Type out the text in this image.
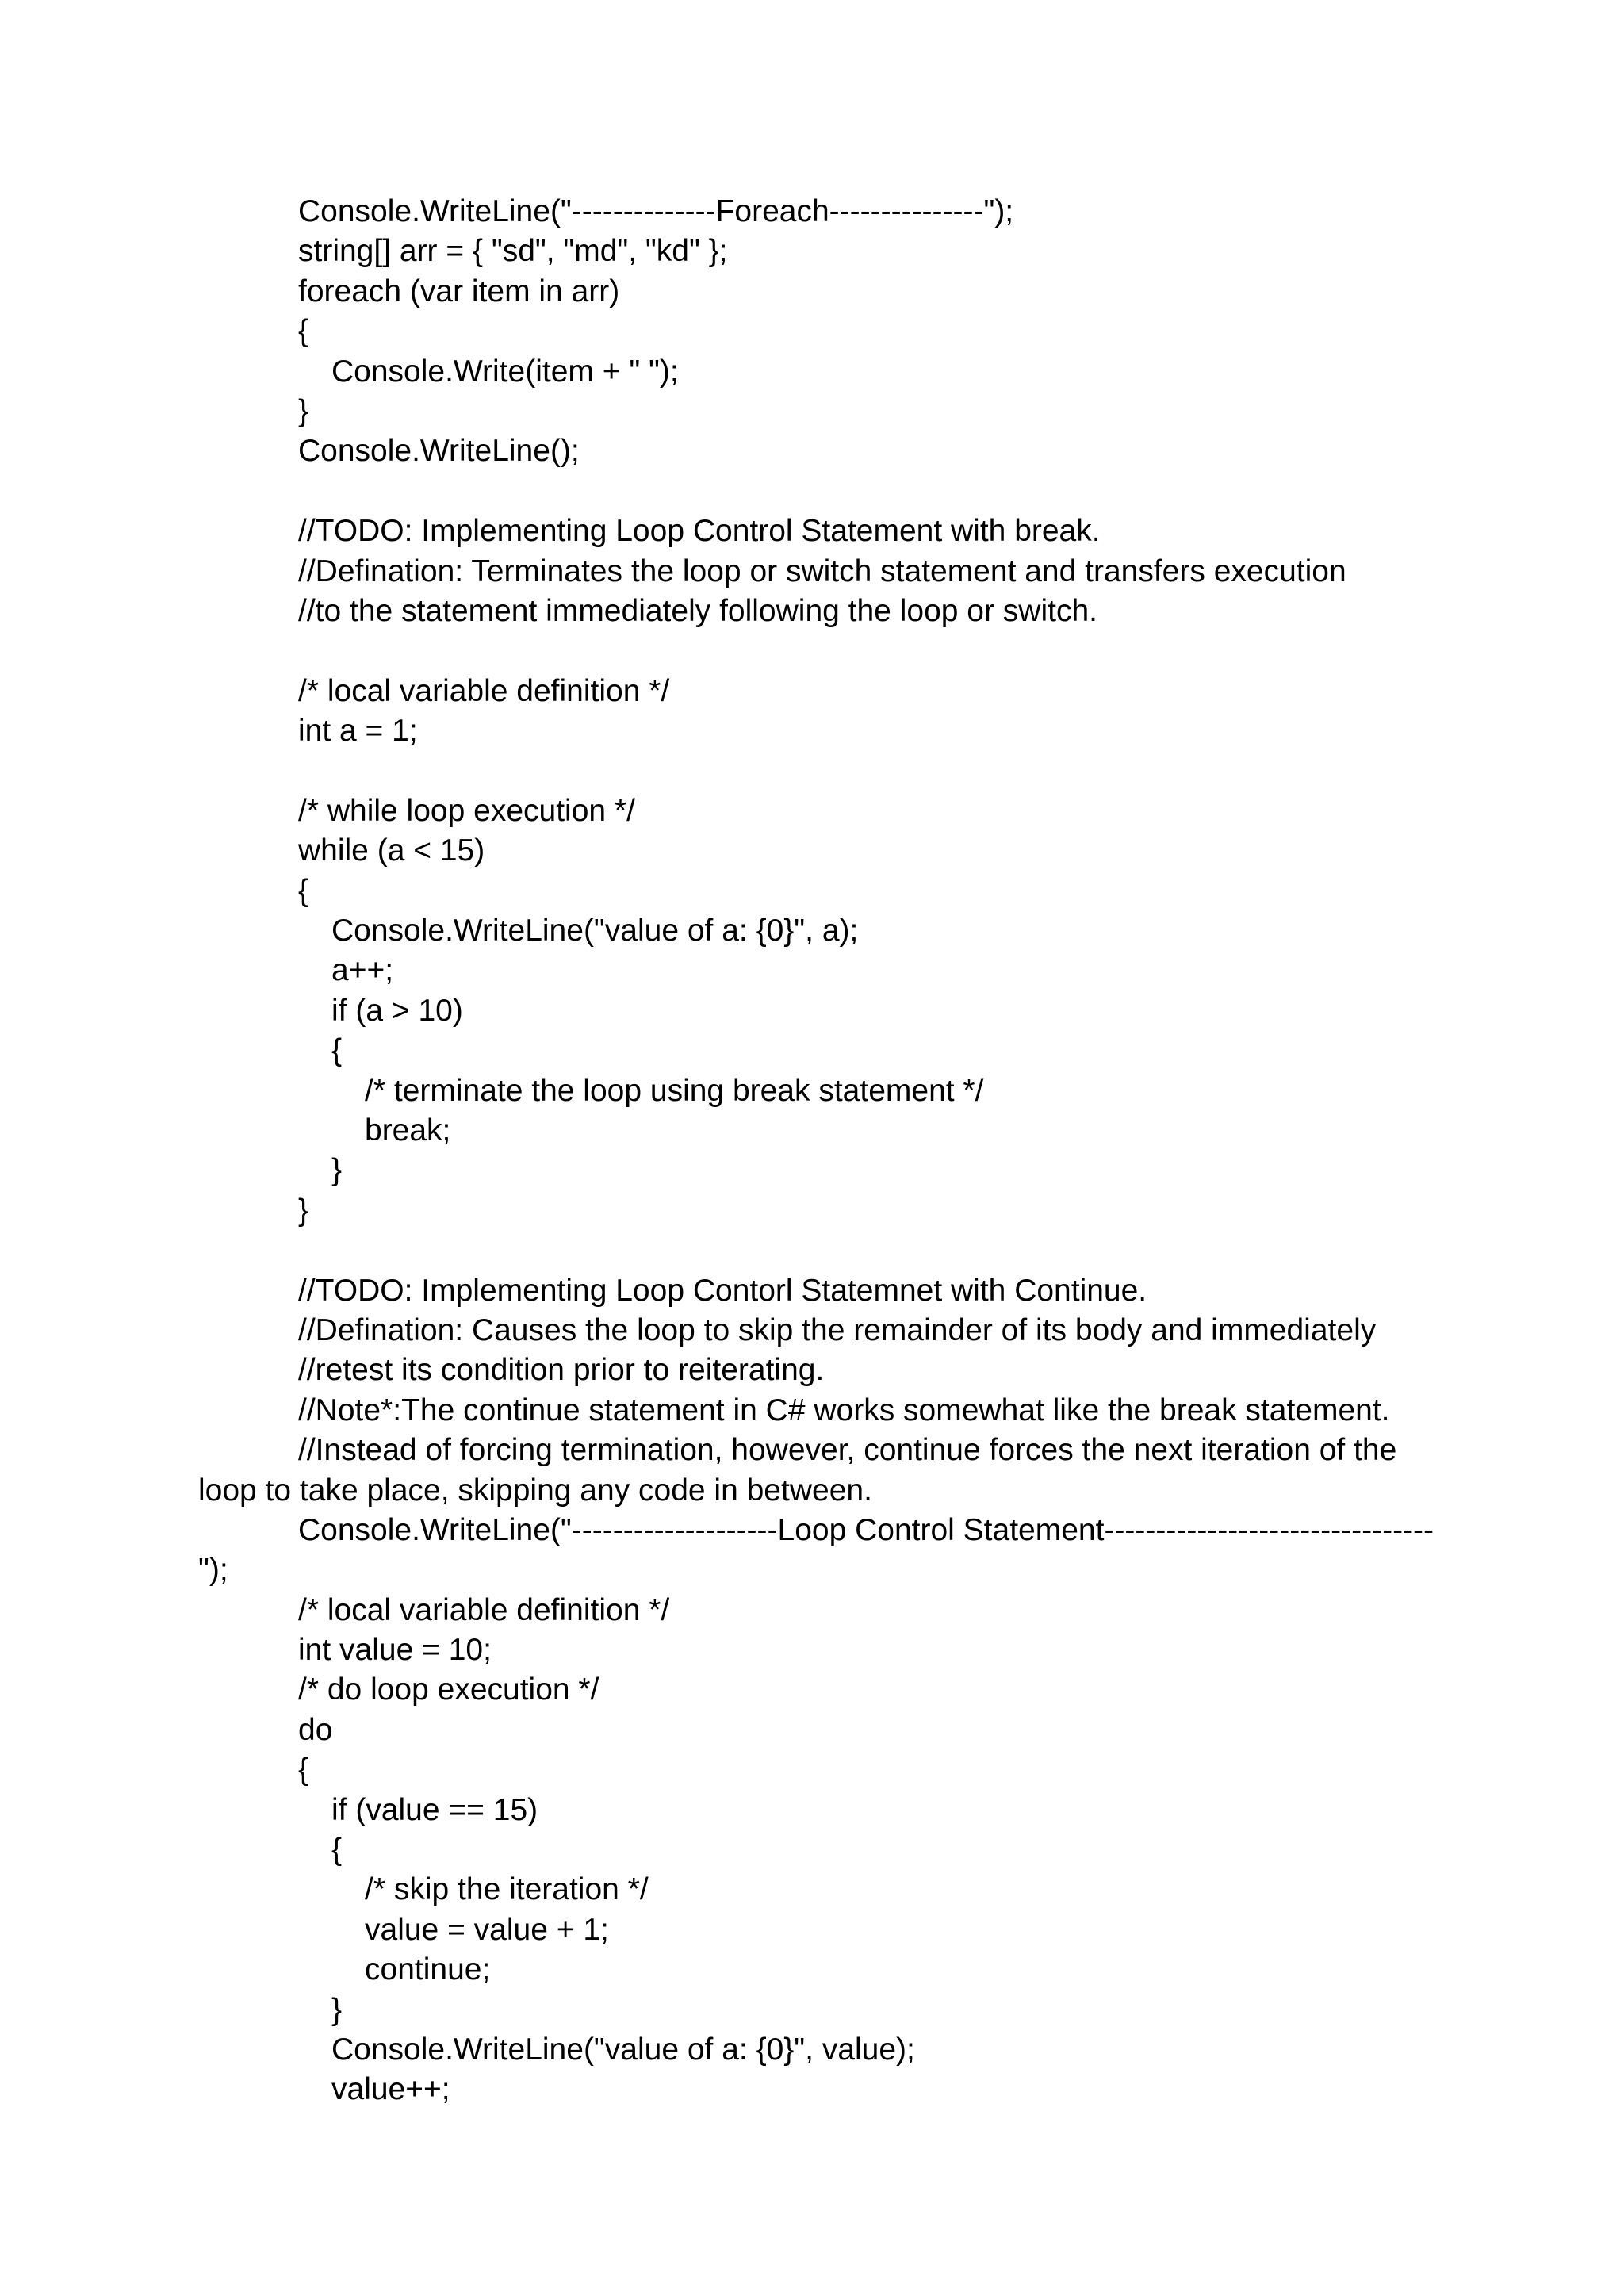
Console.WriteLine("--------------Foreach---------------");
string[] arr = { "sd", "md", "kd" };
foreach (var item in arr)
{
Console.Write(item + " ");
}
Console.WriteLine();
//TODO: Implementing Loop Control Statement with break.
//Defination: Terminates the loop or switch statement and transfers execution
//to the statement immediately following the loop or switch.
/* local variable definition */
int a = 1;
/* while loop execution */
while (a < 15)
{
Console.WriteLine("value of a: {0}", a);
a++;
if (a > 10)
{
/* terminate the loop using break statement */
break;
}
}
//TODO: Implementing Loop Contorl Statemnet with Continue.
//Defination: Causes the loop to skip the remainder of its body and immediately
//retest its condition prior to reiterating.
//Note*:The continue statement in C# works somewhat like the break statement.
//Instead of forcing termination, however, continue forces the next iteration of the
loop to take place, skipping any code in between.
Console.WriteLine("--------------------Loop Control Statement--------------------------------
");
/* local variable definition */
int value = 10;
/* do loop execution */
do
{
if (value == 15)
{
/* skip the iteration */
value = value + 1;
continue;
}
Console.WriteLine("value of a: {0}", value);
value++;
